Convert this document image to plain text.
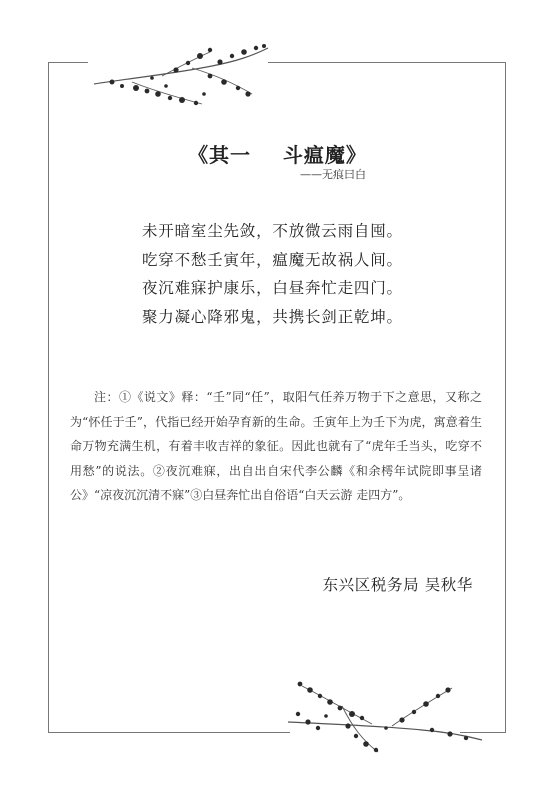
《其一    斗瘟魔》
——无痕曰白
未开暗室尘先敛，不放微云雨自囤。
吃穿不愁壬寅年，瘟魔无故祸人间。
夜沉难寐护康乐，白昼奔忙走四门。
聚力凝心降邪鬼，共携长剑正乾坤。

注：①《说文》释：“壬”同“任”，取阳气任养万物于下之意思，又称之为“怀任于壬”，代指已经开始孕育新的生命。壬寅年上为壬下为虎，寓意着生命万物充满生机，有着丰收吉祥的象征。因此也就有了“虎年壬当头，吃穿不用愁”的说法。②夜沉难寐，出自出自宋代李公麟《和余樗年试院即事呈诸公》“凉夜沉沉清不寐”③白昼奔忙出自俗语“白天云游 走四方”。

东兴区税务局 吴秋华
